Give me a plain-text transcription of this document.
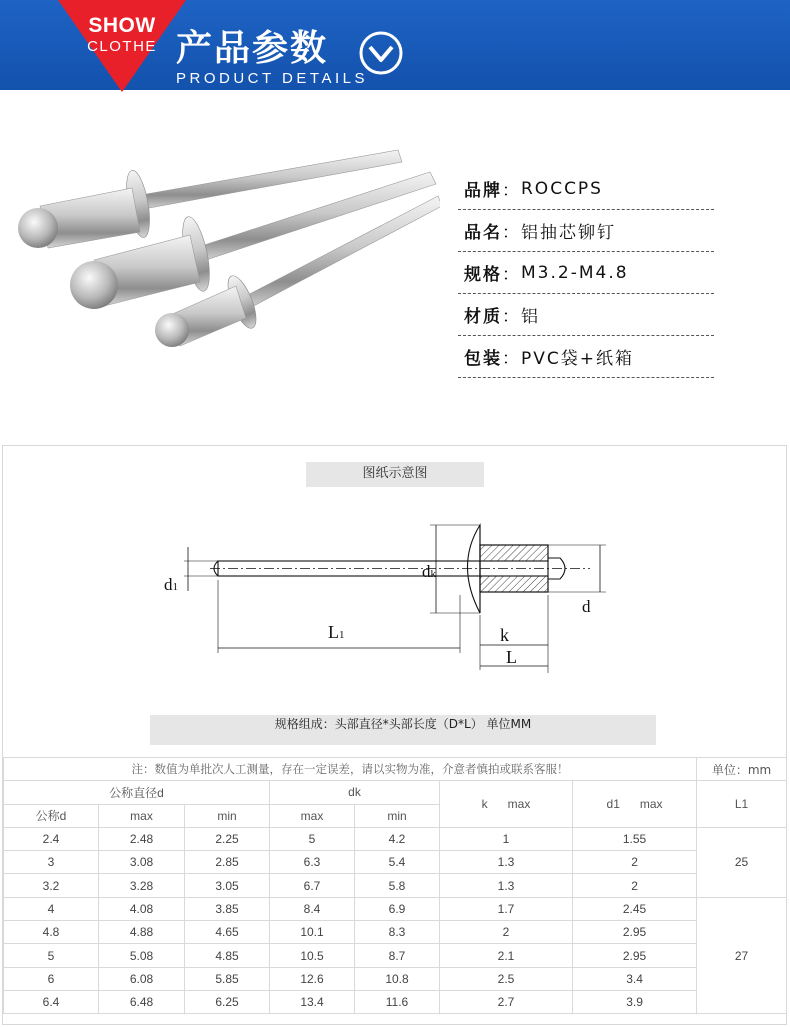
SHOW
CLOTHE 产品参数
PRODUCT DETAILS
品牌 ： ROCCPS
品名 ： 铝抽芯铆钉
规格 ： M3.2-M4.8
材质 ： 铝
包装 ： PVC袋+纸箱
图纸示意图
d1
dk
d
L1	k
L
规格组成：头部直径*头部长度（D*L） 单位MM
注：数值为单批次人工测量，存在一定误差，请以实物为准，介意者慎拍或联系客服！							单位：mm
公称直径d			dk		k      max	d1      max	L1
公称d	max	min	max	min			
2.4	2.48	2.25	5	4.2	1	1.55	25
3	3.08	2.85	6.3	5.4	1.3	2	
3.2	3.28	3.05	6.7	5.8	1.3	2	
4	4.08	3.85	8.4	6.9	1.7	2.45	27
4.8	4.88	4.65	10.1	8.3	2	2.95	
5	5.08	4.85	10.5	8.7	2.1	2.95	
6	6.08	5.85	12.6	10.8	2.5	3.4	
6.4	6.48	6.25	13.4	11.6	2.7	3.9	
